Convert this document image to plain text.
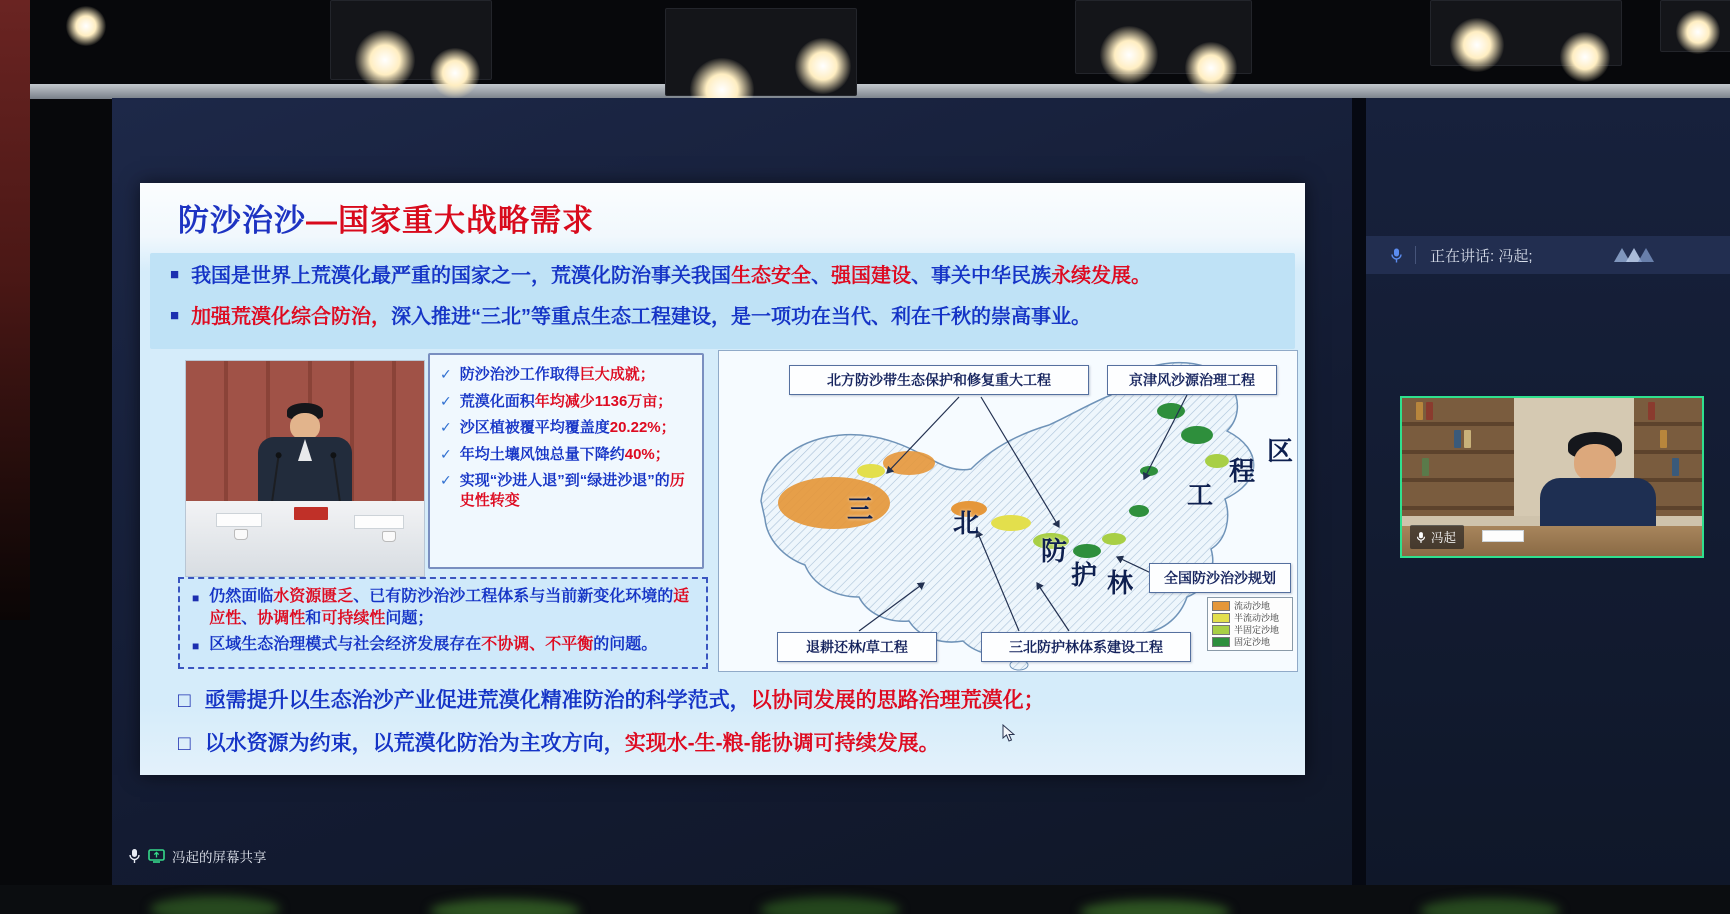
防沙治沙—国家重大战略需求
■ 我国是世界上荒漠化最严重的国家之一，荒漠化防治事关我国生态安全、强国建设、事关中华民族永续发展。
■ 加强荒漠化综合防治，深入推进“三北”等重点生态工程建设，是一项功在当代、利在千秋的崇高事业。
✓ 防沙治沙工作取得巨大成就；
✓ 荒漠化面积年均减少1136万亩；
✓ 沙区植被覆平均覆盖度20.22%；
✓ 年均土壤风蚀总量下降约40%；
✓ 实现“沙进人退”到“绿进沙退”的历史性转变	三	北
防
护 林
工
程
区
北方防沙带生态保护和修复重大工程	京津风沙源治理工程
全国防沙治沙规划
退耕还林/草工程	三北防护林体系建设工程
流动沙地
半流动沙地
半固定沙地
固定沙地
■ 仍然面临水资源匮乏、已有防沙治沙工程体系与当前新变化环境的适应性、协调性和可持续性问题；
■ 区域生态治理模式与社会经济发展存在不协调、不平衡的问题。
□ 亟需提升以生态治沙产业促进荒漠化精准防治的科学范式，以协同发展的思路治理荒漠化；
□ 以水资源为约束，以荒漠化防治为主攻方向，实现水-生-粮-能协调可持续发展。
冯起的屏幕共享
正在讲话: 冯起;
冯起
